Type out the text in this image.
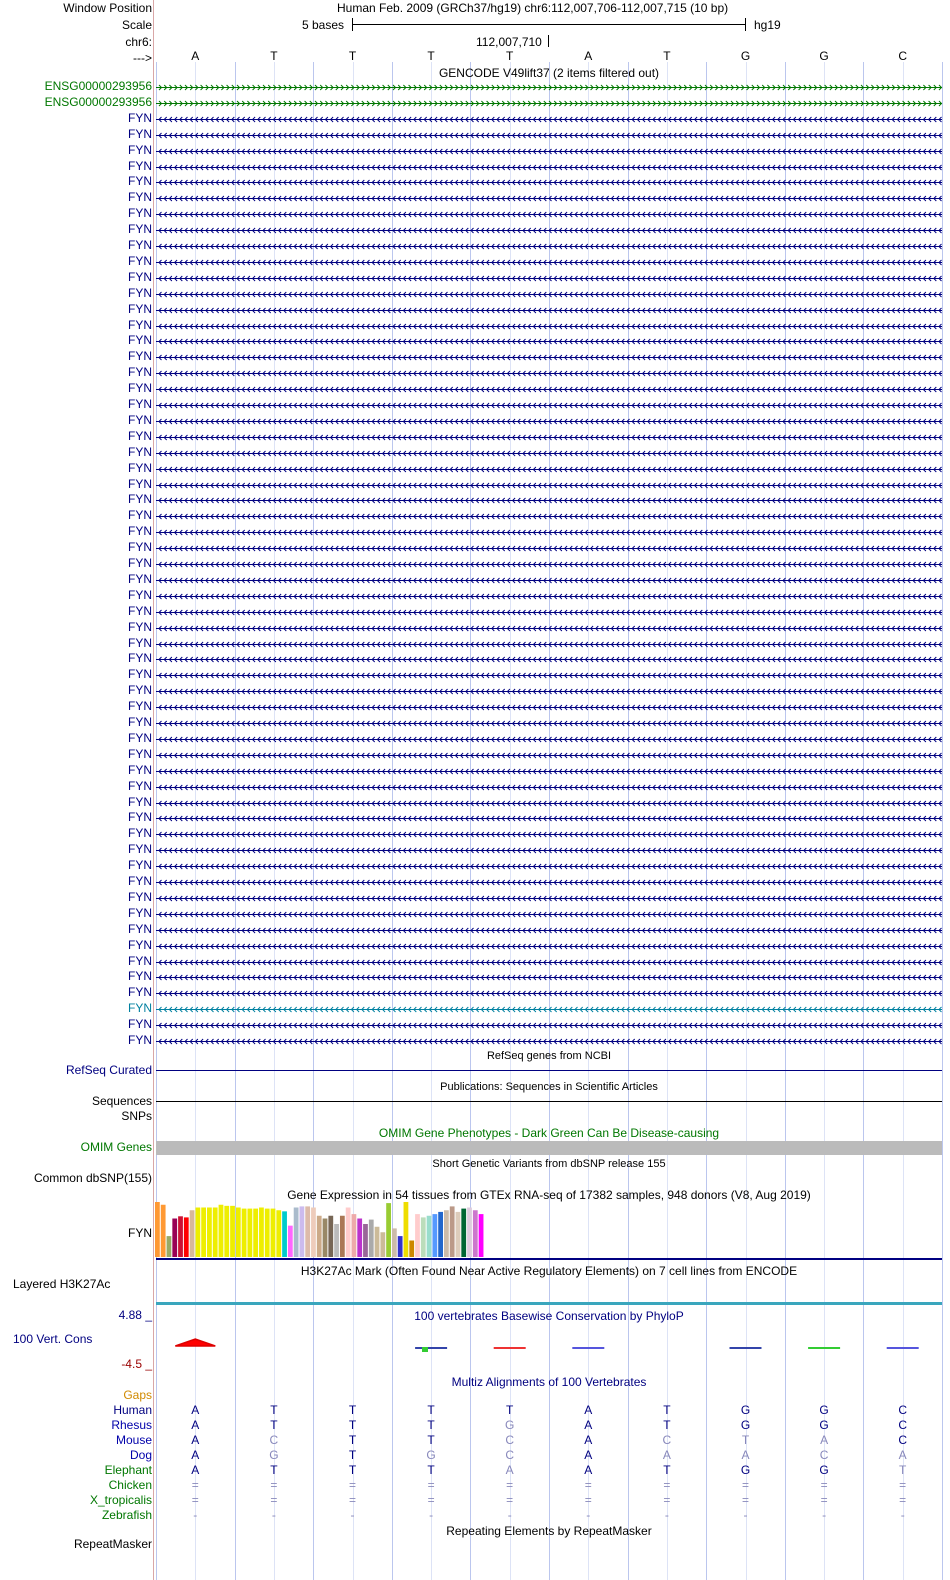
Window Position
Scale
chr6:
--->
Human Feb. 2009 (GRCh37/hg19) chr6:112,007,706-112,007,715 (10 bp)
5 bases	hg19
112,007,710
A	T	T	T	T	A	T	G	G	C
GENCODE V49lift37 (2 items filtered out)
ENSG00000293956
ENSG00000293956
FYN
FYN
FYN
FYN
FYN
FYN
FYN
FYN
FYN
FYN
FYN
FYN
FYN
FYN
FYN
FYN
FYN
FYN
FYN
FYN
FYN
FYN
FYN
FYN
FYN
FYN
FYN
FYN
FYN
FYN
FYN
FYN
FYN
FYN
FYN
FYN
FYN
FYN
FYN
FYN
FYN
FYN
FYN
FYN
FYN
FYN
FYN
FYN
FYN
FYN
FYN
FYN
FYN
FYN
FYN
FYN
FYN
FYN
FYN
RefSeq genes from NCBI
RefSeq Curated
Publications: Sequences in Scientific Articles
Sequences
SNPs
OMIM Gene Phenotypes - Dark Green Can Be Disease-causing
OMIM Genes
Short Genetic Variants from dbSNP release 155
Common dbSNP(155)
Gene Expression in 54 tissues from GTEx RNA-seq of 17382 samples, 948 donors (V8, Aug 2019)
FYN
H3K27Ac Mark (Often Found Near Active Regulatory Elements) on 7 cell lines from ENCODE
Layered H3K27Ac
100 vertebrates Basewise Conservation by PhyloP
4.88 _
100 Vert. Cons
-4.5 _
Multiz Alignments of 100 Vertebrates
Gaps
Human	A	T	T	T	T	A	T	G	G	C
Rhesus	A	T	T	T	G	A	T	G	G	C
Mouse	A	C	T	T	C	A	C	T	A	C
Dog	A	G	T	G	C	A	A	A	C	A
Elephant	A	T	T	T	A	A	T	G	G	T
Chicken	=	=	=	=	=	=	=	=	=	=
X_tropicalis	=	=	=	=	=	=	=	=	=	=
Zebrafish	-	-	-	-	-	-	-	-	-	-
Repeating Elements by RepeatMasker
RepeatMasker
